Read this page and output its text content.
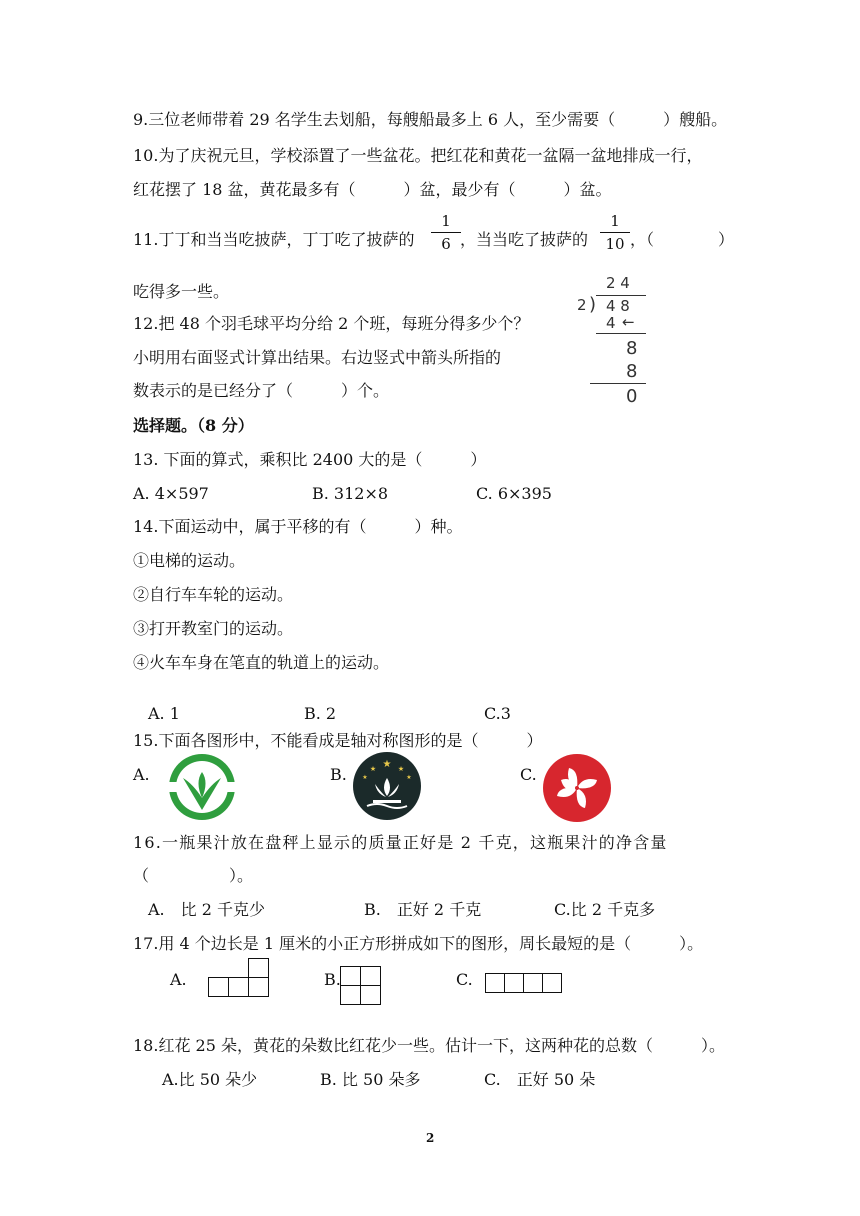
9.三位老师带着 29 名学生去划船，每艘船最多上 6 人，至少需要（　　　）艘船。
10.为了庆祝元旦，学校添置了一些盆花。把红花和黄花一盆隔一盆地排成一行，
红花摆了 18 盆，黄花最多有（　　　）盆，最少有（　　　）盆。
11.丁丁和当当吃披萨，丁丁吃了披萨的
1
6 ，当当吃了披萨的
1
10 ，（　　　　）
吃得多一些。
12.把 48 个羽毛球平均分给 2 个班，每班分得多少个？
小明用右面竖式计算出结果。右边竖式中箭头所指的
数表示的是已经分了（　　　）个。
2 4
2 ) 4 8
4 ←
8
8
0
选择题。（8 分）
13. 下面的算式，乘积比 2400 大的是（　　　）
A. 4×597	B. 312×8	C. 6×395
14.下面运动中，属于平移的有（　　　）种。
①电梯的运动。
②自行车车轮的运动。
③打开教室门的运动。
④火车车身在笔直的轨道上的运动。
A. 1	B. 2	C.3
15.下面各图形中，不能看成是轴对称图形的是（　　　）
A.	B.	C.
★
★	★
★	★
16.一瓶果汁放在盘秤上显示的质量正好是 2 千克，这瓶果汁的净含量
（　　　　　）。
A.　比 2 千克少	B.　正好 2 千克	C.比 2 千克多
17.用 4 个边长是 1 厘米的小正方形拼成如下的图形，周长最短的是（　　　）。
A.	B.	C.
18.红花 25 朵，黄花的朵数比红花少一些。估计一下，这两种花的总数（　　　）。
A.比 50 朵少	B. 比 50 朵多	C.　正好 50 朵
2
